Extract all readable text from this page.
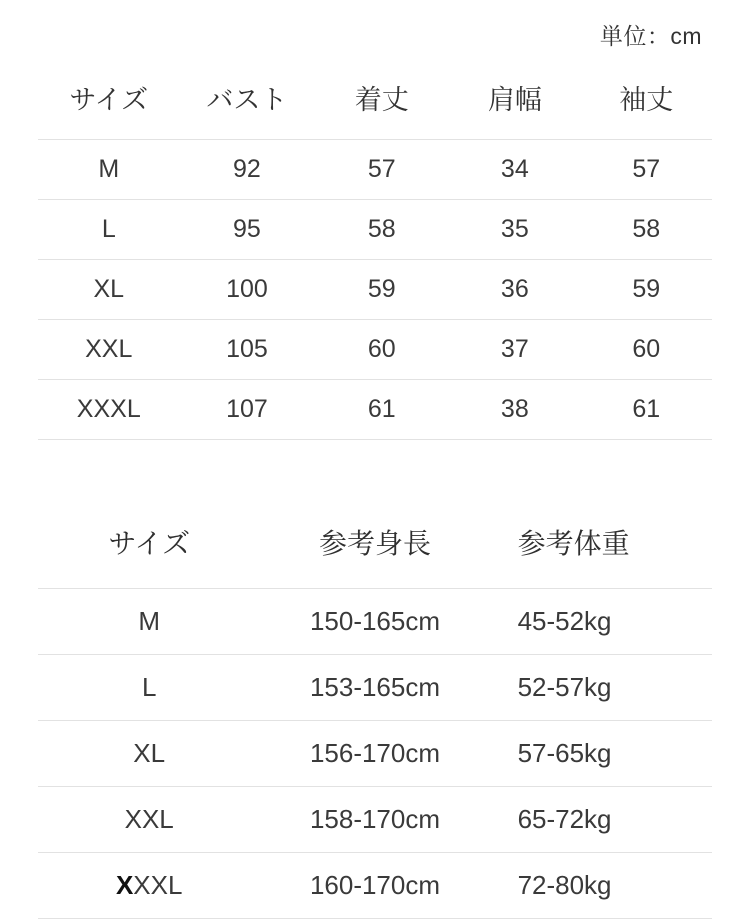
単位：cm
サイズ	バスト	着丈	肩幅	袖丈
M	92	57	34	57
L	95	58	35	58
XL	100	59	36	59
XXL	105	60	37	60
XXXL	107	61	38	61
サイズ	参考身長	参考体重
M	150-165cm	45-52kg
L	153-165cm	52-57kg
XL	156-170cm	57-65kg
XXL	158-170cm	65-72kg
XXXL	160-170cm	72-80kg
